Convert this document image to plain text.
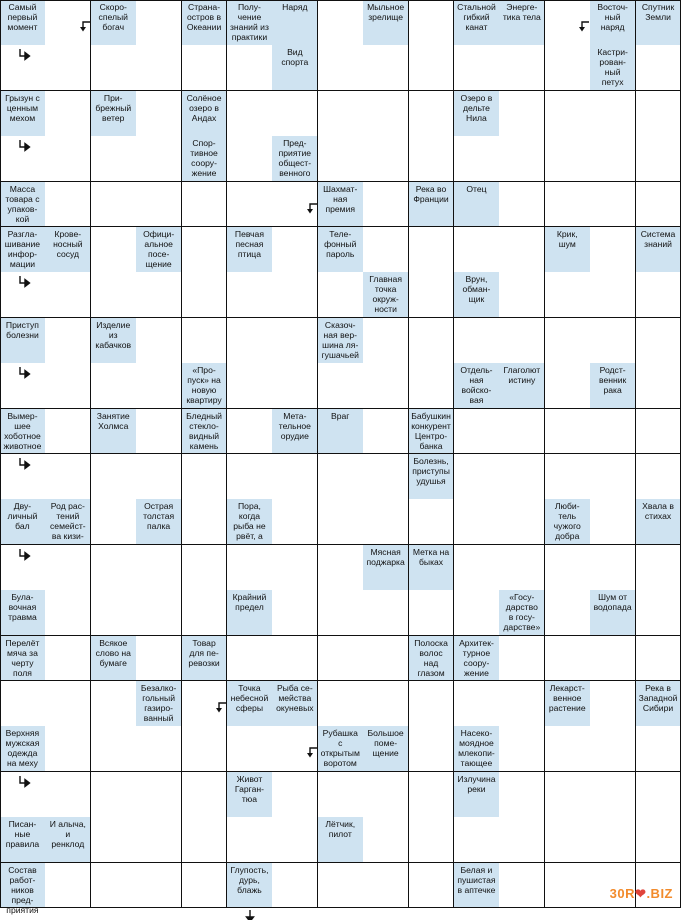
Самый
первый
момент
Скоро-
спелый
богач
Страна-
остров в
Океании
Полу-
чение
знаний из
практики
Наряд	Мыльное
зрелище
Стальной
гибкий
канат
Энерге-
тика тела
Восточ-
ный
наряд
Спутник
Земли
Вид
спорта
Кастри-
рован-
ный
петух
Грызун с
ценным
мехом
При-
брежный
ветер
Солёное
озеро в
Андах
Озеро в
дельте
Нила
Спор-
тивное
соору-
жение
Пред-
приятие
общест-
венного

Масса
товара с
упаков-
кой
Шахмат-
ная
премия
Река во
Франции
Отец
Разгла-
шивание
инфор-
мации
Крове-
носный
сосуд
Офици-
альное
посе-
щение
Певчая
песная
птица
Теле-
фонный
пароль
Крик,
шум
Система
знаний
Главная
точка
окруж-
ности
Врун,
обман-
щик
Приступ
болезни
Изделие
из
кабачков
Сказоч-
ная вер-
шина ля-
гушачьей

«Про-
пуск» на
новую
квартиру
Отдель-
ная
войско-
вая

Глаголют
истину
Родст-
венник
рака
Вымер-
шее
хоботное
животное
Занятие
Холмса
Бледный
стекло-
видный
камень
Мета-
тельное
орудие
Враг	Бабушкин
конкурент
Центро-
банка
Болезнь,
приступы
удушья
Дву-
личный
бал
Род рас-
тений
семейст-
ва кизи-

Острая
толстая
палка
Пора,
когда
рыба не
рвёт, а

Люби-
тель
чужого
добра
Хвала в
стихах
Мясная
поджарка
Метка на
быках
Була-
вочная
травма
Крайний
предел
«Госу-
дарство
в госу-
дарстве»
Шум от
водопада
Перелёт
мяча за
черту
поля
Всякое
слово на
бумаге
Товар
для пе-
ревозки
Полоска
волос
над
глазом
Архитек-
турное
соору-
жение
Безалко-
гольный
газиро-
ванный

Точка
небесной
сферы
Рыба се-
мейства
окуневых
Лекарст-
венное
растение
Река в
Западной
Сибири
Верхняя
мужская
одежда
на меху
Рубашка
с
открытым
воротом
Большое
поме-
щение
Насеко-
моядное
млекопи-
тающее
Живот
Гарган-
тюа
Излучина
реки
Писан-
ные
правила
И алыча,
и
ренклод
Лётчик,
пилот
Состав
работ-
ников
пред-
приятия
Глупость,
дурь,
блажь
Белая и
пушистая
в аптечке	30R❤.BIZ
